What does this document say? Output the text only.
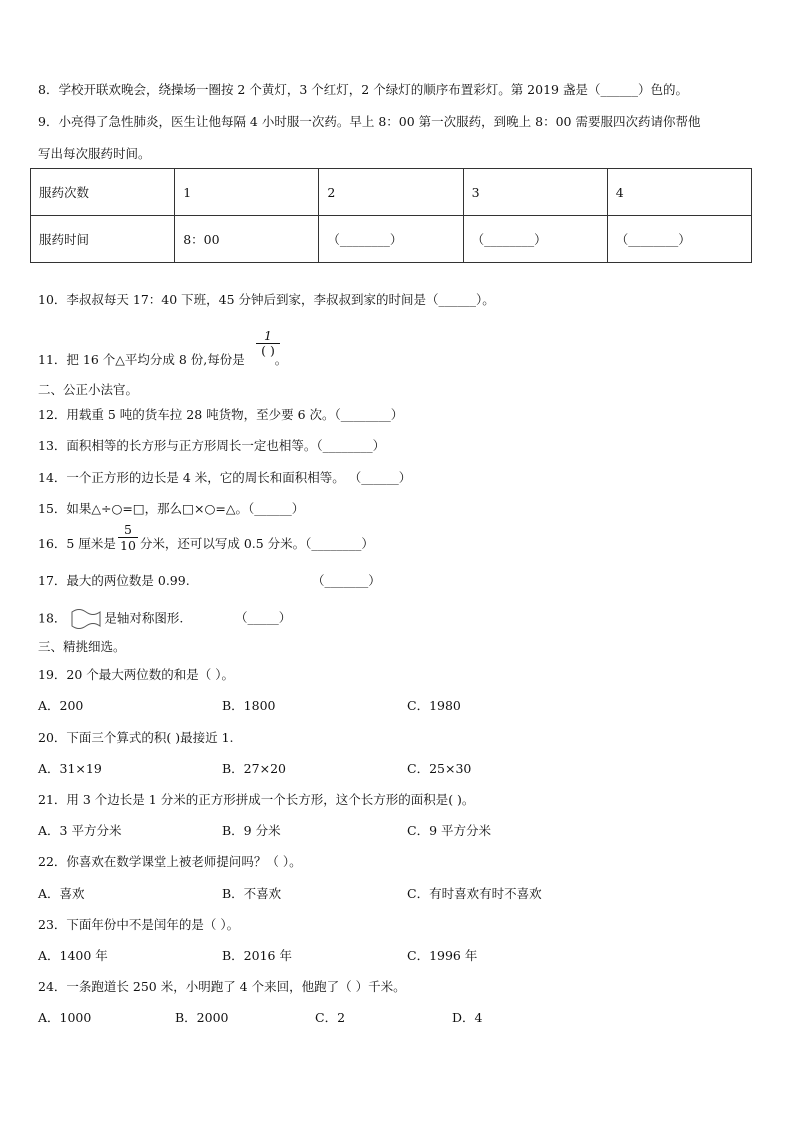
8．学校开联欢晚会，绕操场一圈按 2 个黄灯，3 个红灯，2 个绿灯的顺序布置彩灯。第 2019 盏是（______）色的。
9．小亮得了急性肺炎，医生让他每隔 4 小时服一次药。早上 8：00 第一次服药，到晚上 8：00 需要服四次药请你帮他
写出每次服药时间。
服药次数	1	2	3	4
服药时间	8：00	（________）	（________）	（________）
10．李叔叔每天 17：40 下班，45 分钟后到家，李叔叔到家的时间是（______）。
11．把 16 个△平均分成 8 份,每份是 。
1
( )
二、公正小法官。
12．用载重 5 吨的货车拉 28 吨货物，至少要 6 次。（________）
13．面积相等的长方形与正方形周长一定也相等。（________）
14．一个正方形的边长是 4 米，它的周长和面积相等。 （______）
15．如果△÷○=□，那么□×○=△。（______）
16．5 厘米是 分米，还可以写成 0.5 分米。（________）
5
10
17．最大的两位数是 0.99.	（_______）
18．	是轴对称图形.	（_____）
三、精挑细选。
19．20 个最大两位数的和是（ ）。
A．200	B．1800	C．1980
20．下面三个算式的积( )最接近 1.
A．31×19	B．27×20	C．25×30
21．用 3 个边长是 1 分米的正方形拼成一个长方形，这个长方形的面积是( )。
A．3 平方分米	B．9 分米	C．9 平方分米
22．你喜欢在数学课堂上被老师提问吗？（ ）。
A．喜欢	B．不喜欢	C．有时喜欢有时不喜欢
23．下面年份中不是闰年的是（ ）。
A．1400 年	B．2016 年	C．1996 年
24．一条跑道长 250 米，小明跑了 4 个来回，他跑了（ ）千米。
A．1000	B．2000	C．2	D．4
